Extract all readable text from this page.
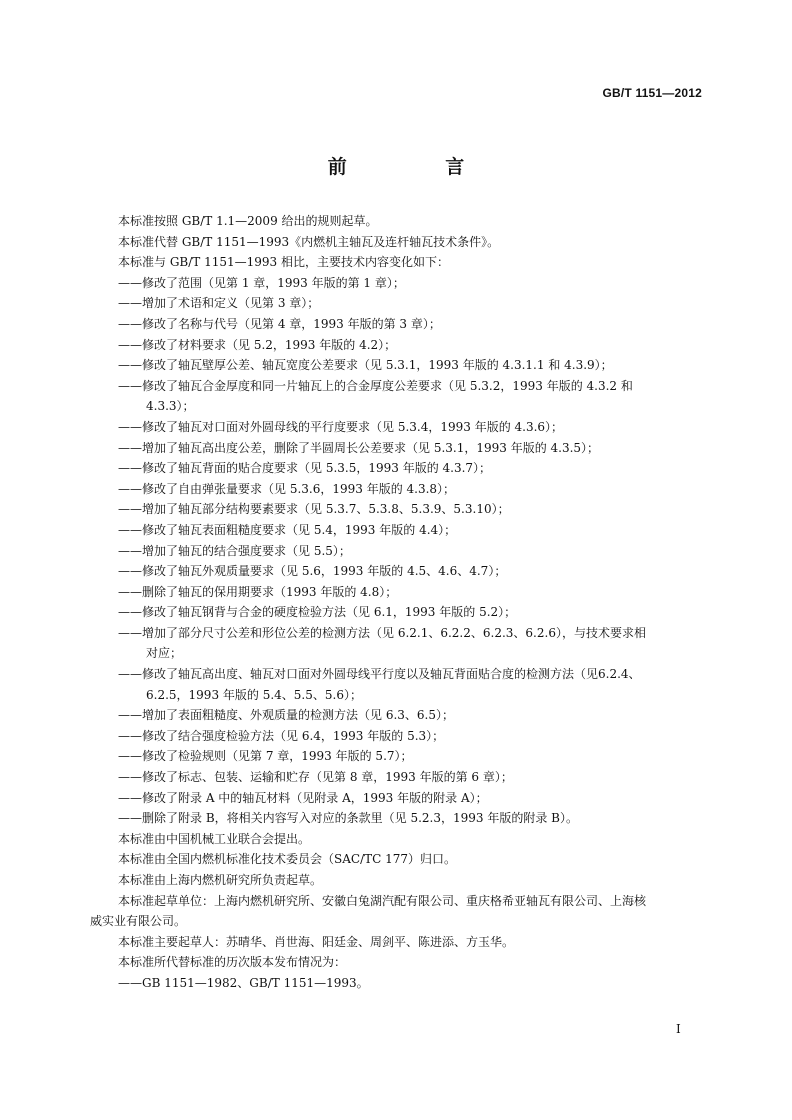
GB/T 1151—2012
前 言
本标准按照 GB/T 1.1—2009 给出的规则起草。
本标准代替 GB/T 1151—1993《内燃机主轴瓦及连杆轴瓦技术条件》。
本标准与 GB/T 1151—1993 相比，主要技术内容变化如下：
——修改了范围（见第 1 章，1993 年版的第 1 章）；
——增加了术语和定义（见第 3 章）；
——修改了名称与代号（见第 4 章，1993 年版的第 3 章）；
——修改了材料要求（见 5.2，1993 年版的 4.2）；
——修改了轴瓦壁厚公差、轴瓦宽度公差要求（见 5.3.1，1993 年版的 4.3.1.1 和 4.3.9）；
——修改了轴瓦合金厚度和同一片轴瓦上的合金厚度公差要求（见 5.3.2，1993 年版的 4.3.2 和
4.3.3）；
——修改了轴瓦对口面对外圆母线的平行度要求（见 5.3.4，1993 年版的 4.3.6）；
——增加了轴瓦高出度公差，删除了半圆周长公差要求（见 5.3.1，1993 年版的 4.3.5）；
——修改了轴瓦背面的贴合度要求（见 5.3.5，1993 年版的 4.3.7）；
——修改了自由弹张量要求（见 5.3.6，1993 年版的 4.3.8）；
——增加了轴瓦部分结构要素要求（见 5.3.7、5.3.8、5.3.9、5.3.10）；
——修改了轴瓦表面粗糙度要求（见 5.4，1993 年版的 4.4）；
——增加了轴瓦的结合强度要求（见 5.5）；
——修改了轴瓦外观质量要求（见 5.6，1993 年版的 4.5、4.6、4.7）；
——删除了轴瓦的保用期要求（1993 年版的 4.8）；
——修改了轴瓦钢背与合金的硬度检验方法（见 6.1，1993 年版的 5.2）；
——增加了部分尺寸公差和形位公差的检测方法（见 6.2.1、6.2.2、6.2.3、6.2.6），与技术要求相
对应；
——修改了轴瓦高出度、轴瓦对口面对外圆母线平行度以及轴瓦背面贴合度的检测方法（见6.2.4、
6.2.5，1993 年版的 5.4、5.5、5.6）；
——增加了表面粗糙度、外观质量的检测方法（见 6.3、6.5）；
——修改了结合强度检验方法（见 6.4，1993 年版的 5.3）；
——修改了检验规则（见第 7 章，1993 年版的 5.7）；
——修改了标志、包装、运输和贮存（见第 8 章，1993 年版的第 6 章）；
——修改了附录 A 中的轴瓦材料（见附录 A，1993 年版的附录 A）；
——删除了附录 B，将相关内容写入对应的条款里（见 5.2.3，1993 年版的附录 B）。
本标准由中国机械工业联合会提出。
本标准由全国内燃机标准化技术委员会（SAC/TC 177）归口。
本标准由上海内燃机研究所负责起草。
本标准起草单位：上海内燃机研究所、安徽白兔湖汽配有限公司、重庆格希亚轴瓦有限公司、上海核
威实业有限公司。
本标准主要起草人：苏晴华、肖世海、阳廷金、周剑平、陈进添、方玉华。
本标准所代替标准的历次版本发布情况为：
——GB 1151—1982、GB/T 1151—1993。
I
